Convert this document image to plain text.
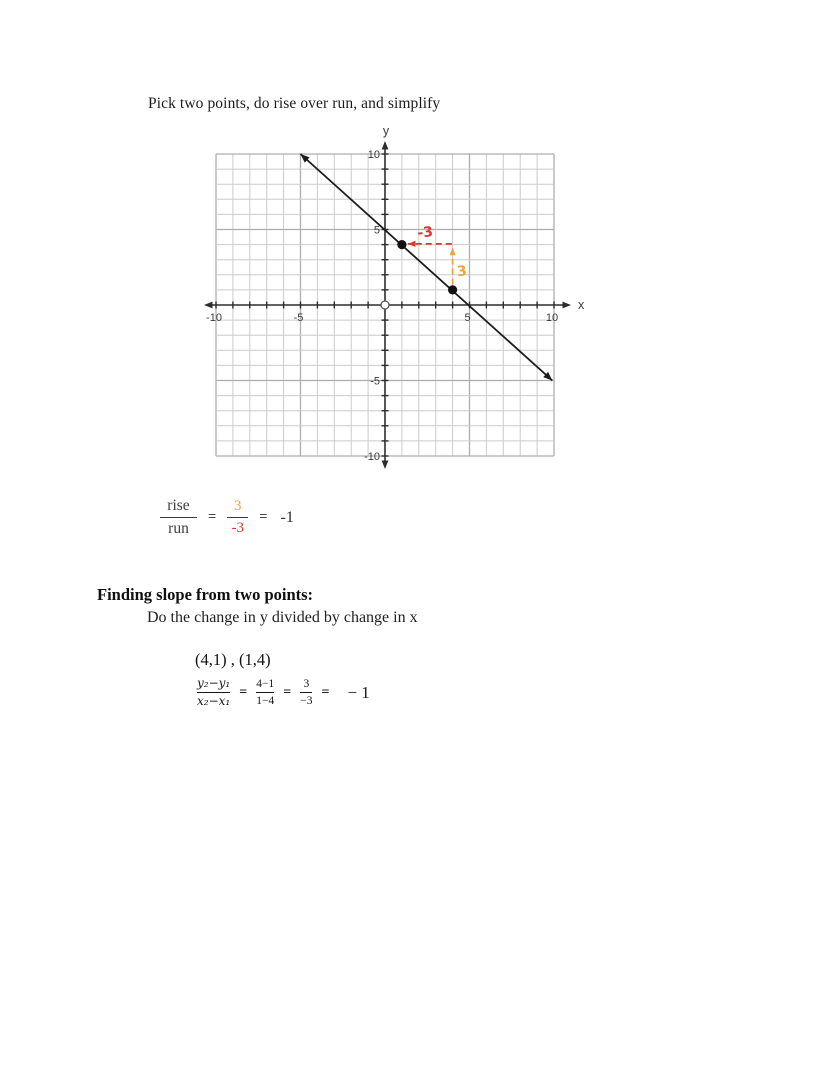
Pick two points, do rise over run, and simplify
-10
-10
-5
-5
5
5
10
10
y
x
-3
3
$\frac{\text{rise}}{\text{run}} = \frac{3}{-3} = -1$
Finding slope from two points:
Do the change in y divided by change in x
(4,1) , (1,4)
$\frac{\text{y₂−y₁}}{\text{x₂−x₁}} = \frac{4-1}{1-4} = \frac{3}{-3}$ = − 1
